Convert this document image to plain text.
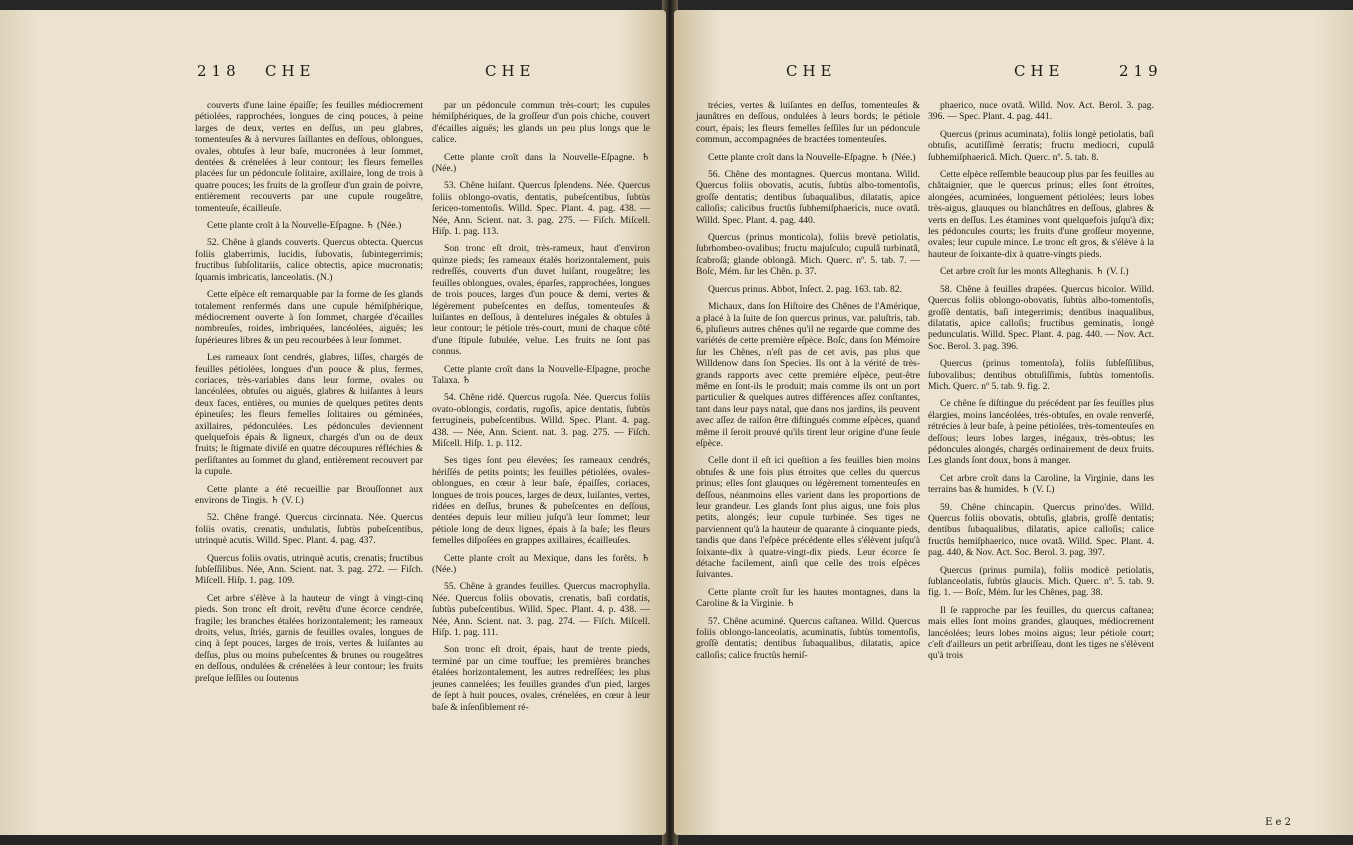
218 CHE	CHE

couverts d'une laine épaiſſe; ſes feuilles médiocrement pétiolées, rapprochées, longues de cinq pouces, à peine larges de deux, vertes en deſſus, un peu glabres, tomenteuſes & à nervures ſaillantes en deſſous, oblongues, ovales, obtuſes à leur baſe, mucronées à leur ſommet, dentées & crénelées à leur contour; les fleurs femelles placées ſur un pédoncule ſolitaire, axillaire, long de trois à quatre pouces; les fruits de la groſſeur d'un grain de poivre, entièrement recouverts par une cupule rougeâtre, tomenteuſe, écailleuſe.

Cette plante croît à la Nouvelle-Eſpagne. ♄ (Née.)

52. Chêne à glands couverts. Quercus obtecta. Quercus foliis glaberrimis, lucidis, ſubovatis, ſubintegerrimis; fructibus ſubſolitariis, calice obtectis, apice mucronatis; ſquamis imbricatis, lanceolatis. (N.)

Cette eſpèce eſt remarquable par la forme de ſes glands totalement renfermés dans une cupule hémiſphérique, médiocrement ouverte à ſon ſommet, chargée d'écailles nombreuſes, roides, imbriquées, lancéolées, aiguës; les ſupérieures libres & un peu recourbées à leur ſommet.

Les rameaux ſont cendrés, glabres, liſſes, chargés de feuilles pétiolées, longues d'un pouce & plus, fermes, coriaces, très-variables dans leur forme, ovales ou lancéolées, obtuſes ou aiguës, glabres & luiſantes à leurs deux faces, entières, ou munies de quelques petites dents épineuſes; les fleurs femelles ſolitaires ou géminées, axillaires, pédonculées. Les pédoncules deviennent quelquefois épais & ligneux, chargés d'un ou de deux fruits; le ſtigmate diviſé en quatre découpures réfléchies & perſiſtantes au ſommet du gland, entièrement recouvert par la cupule.

Cette plante a été recueillie par Brouſſonnet aux environs de Tingis. ♄ (V. ſ.)

52. Chêne frangé. Quercus circinnata. Née. Quercus foliis ovatis, crenatis, undulatis, ſubtùs pubeſcentibus, utrinquè acutis. Willd. Spec. Plant. 4. pag. 437.

Quercus foliis ovatis, utrinquè acutis, crenatis; fructibus ſubſeſſilibus. Née, Ann. Scient. nat. 3. pag. 272. — Fiſch. Miſcell. Hiſp. 1. pag. 109.

Cet arbre s'élève à la hauteur de vingt à vingt-cinq pieds. Son tronc eſt droit, revêtu d'une écorce cendrée, fragile; les branches étalées horizontalement; les rameaux droits, velus, ſtriés, garnis de feuilles ovales, longues de cinq à ſept pouces, larges de trois, vertes & luiſantes au deſſus, plus ou moins pubeſcentes & brunes ou rougeâtres en deſſous, ondulées & crénelées à leur contour; les fruits preſque ſeſſiles ou ſoutenus

par un pédoncule commun très-court; les cupules hémiſphériques, de la groſſeur d'un pois chiche, couvert d'écailles aiguës; les glands un peu plus longs que le calice.

Cette plante croît dans la Nouvelle-Eſpagne. ♄ (Née.)

53. Chêne luiſant. Quercus ſplendens. Née. Quercus foliis oblongo-ovatis, dentatis, pubeſcentibus, ſubtùs ſericeo-tomentoſis. Willd. Spec. Plant. 4. pag. 438. — Née, Ann. Scient. nat. 3. pag. 275. — Fiſch. Miſcell. Hiſp. 1. pag. 113.

Son tronc eſt droit, très-rameux, haut d'environ quinze pieds; ſes rameaux étalés horizontalement, puis redreſſés, couverts d'un duvet luiſant, rougeâtre; les feuilles oblongues, ovales, éparſes, rapprochées, longues de trois pouces, larges d'un pouce & demi, vertes & légèrement pubeſcentes en deſſus, tomenteuſes & luiſantes en deſſous, à dentelures inégales & obtuſes à leur contour; le pétiole très-court, muni de chaque côté d'une ſtipule ſubulée, velue. Les fruits ne ſont pas connus.

Cette plante croît dans la Nouvelle-Eſpagne, proche Talaxa. ♄

54. Chêne ridé. Quercus rugoſa. Née. Quercus foliis ovato-oblongis, cordatis, rugoſis, apice dentatis, ſubtùs ferrugineis, pubeſcentibus. Willd. Spec. Plant. 4. pag. 438. — Née, Ann. Scient. nat. 3. pag. 275. — Fiſch. Miſcell. Hiſp. 1. p. 112.

Ses tiges ſont peu élevées; ſes rameaux cendrés, hériſſés de petits points; les feuilles pétiolées, ovales-oblongues, en cœur à leur baſe, épaiſſes, coriaces, longues de trois pouces, larges de deux, luiſantes, vertes, ridées en deſſus, brunes & pubeſcentes en deſſous, dentées depuis leur milieu juſqu'à leur ſommet; leur pétiole long de deux lignes, épais à ſa baſe; les fleurs femelles diſpoſées en grappes axillaires, écailleuſes.

Cette plante croît au Mexique, dans les forêts. ♄ (Née.)

55. Chêne à grandes feuilles. Quercus macrophylla. Née. Quercus foliis obovatis, crenatis, baſi cordatis, ſubtùs pubeſcentibus. Willd. Spec. Plant. 4. p. 438. — Née, Ann. Scient. nat. 3. pag. 274. — Fiſch. Miſcell. Hiſp. 1. pag. 111.

Son tronc eſt droit, épais, haut de trente pieds, terminé par un cime touffue; les premières branches étalées horizontalement, les autres redreſſées; les plus jeunes cannelées; les feuilles grandes d'un pied, larges de ſept à huit pouces, ovales, crénelées, en cœur à leur baſe & inſenſiblement ré-

CHE	CHE	219

trécies, vertes & luiſantes en deſſus, tomenteuſes & jaunâtres en deſſous, ondulées à leurs bords; le pétiole court, épais; les fleurs femelles ſeſſiles ſur un pédoncule commun, accompagnées de bractées tomenteuſes.

Cette plante croît dans la Nouvelle-Eſpagne. ♄ (Née.)

56. Chêne des montagnes. Quercus montana. Willd. Quercus foliis obovatis, acutis, ſubtùs albo-tomentoſis, groſſe dentatis; dentibus ſubaqualibus, dilatatis, apice calloſis; calicibus fructûs ſubhemiſphaericis, nuce ovatâ. Willd. Spec. Plant. 4. pag. 440.

Quercus (prinus monticola), foliis brevè petiolatis, ſubrhombeo-ovalibus; fructu majuſculo; cupulâ turbinatâ, ſcabroſâ; glande oblongâ. Mich. Querc. nº. 5. tab. 7. — Boſc, Mém. ſur les Chên. p. 37.

Quercus prinus. Abbot, Inſect. 2. pag. 163. tab. 82.

Michaux, dans ſon Hiſtoire des Chênes de l'Amérique, a placé à la ſuite de ſon quercus prinus, var. paluſtris, tab. 6, pluſieurs autres chênes qu'il ne regarde que comme des variétés de cette première eſpèce. Boſc, dans ſon Mémoire ſur les Chênes, n'eſt pas de cet avis, pas plus que Willdenow dans ſon Species. Ils ont à la vérité de très-grands rapports avec cette première eſpèce, peut-être même en ſont-ils le produit; mais comme ils ont un port particulier & quelques autres différences aſſez conſtantes, tant dans leur pays natal, que dans nos jardins, ils peuvent avec aſſez de raiſon être diſtingués comme eſpèces, quand même il ſeroit prouvé qu'ils tirent leur origine d'une ſeule eſpèce.

Celle dont il eſt ici queſtion a ſes feuilles bien moins obtuſes & une fois plus étroites que celles du quercus prinus; elles ſont glauques ou légèrement tomenteuſes en deſſous, néanmoins elles varient dans les proportions de leur grandeur. Les glands ſont plus aigus, une fois plus petits, alongés; leur cupule turbinée. Ses tiges ne parviennent qu'à la hauteur de quarante à cinquante pieds, tandis que dans l'eſpèce précédente elles s'élèvent juſqu'à ſoixante-dix à quatre-vingt-dix pieds. Leur écorce ſe détache facilement, ainſi que celle des trois eſpèces ſuivantes.

Cette plante croît ſur les hautes montagnes, dans la Caroline & la Virginie. ♄

57. Chêne acuminé. Quercus caſtanea. Willd. Quercus foliis oblongo-lanceolatis, acuminatis, ſubtùs tomentoſis, groſſè dentatis; dentibus ſubaqualibus, dilatatis, apice calloſis; calice fructûs hemiſ-

phaerico, nuce ovatâ. Willd. Nov. Act. Berol. 3. pag. 396. — Spec. Plant. 4. pag. 441.

Quercus (prinus acuminata), foliis longè petiolatis, baſi obtuſis, acutiſſimè ſerratis; fructu mediocri, cupulâ ſubhemiſphaericâ. Mich. Querc. nº. 5. tab. 8.

Cette eſpèce reſſemble beaucoup plus par ſes feuilles au châtaignier, que le quercus prinus; elles ſont étroites, alongées, acuminées, longuement pétiolées; leurs lobes très-aigus, glauques ou blanchâtres en deſſous, glabres & verts en deſſus. Les étamines vont quelquefois juſqu'à dix; les pédoncules courts; les fruits d'une groſſeur moyenne, ovales; leur cupule mince. Le tronc eſt gros, & s'élève à la hauteur de ſoixante-dix à quatre-vingts pieds.

Cet arbre croît ſur les monts Alleghanis. ♄ (V. ſ.)

58. Chêne à feuilles drapées. Quercus bicolor. Willd. Quercus foliis oblongo-obovatis, ſubtùs albo-tomentoſis, groſſè dentatis, baſi integerrimis; dentibus inaqualibus, dilatatis, apice calloſis; fructibus geminatis, longè pedunculatis. Willd. Spec. Plant. 4. pag. 440. — Nov. Act. Soc. Berol. 3. pag. 396.

Quercus (prinus tomentoſa), foliis ſubſeſſilibus, ſubovalibus; dentibus obtuſiſſimis, ſubtùs tomentoſis. Mich. Querc. nº 5. tab. 9. fig. 2.

Ce chêne ſe diſtingue du précédent par ſes feuilles plus élargies, moins lancéolées, très-obtuſes, en ovale renverſé, rétrécies à leur baſe, à peine pétiolées, très-tomenteuſes en deſſous; leurs lobes larges, inégaux, très-obtus; les pédoncules alongés, chargés ordinairement de deux fruits. Les glands ſont doux, bons à manger.

Cet arbre croît dans la Caroline, la Virginie, dans les terrains bas & humides. ♄ (V. ſ.)

59. Chêne chincapin. Quercus prino'des. Willd. Quercus foliis obovatis, obtuſis, glabris, groſſè dentatis; dentibus ſubaqualibus, dilatatis, apice calloſis; calice fructûs hemiſphaerico, nuce ovatâ. Willd. Spec. Plant. 4. pag. 440, & Nov. Act. Soc. Berol. 3. pag. 397.

Quercus (prinus pumila), foliis modicè petiolatis, ſublanceolatis, ſubtùs glaucis. Mich. Querc. nº. 5. tab. 9. fig. 1. — Boſc, Mém. ſur les Chênes, pag. 38.

Il ſe rapproche par ſes feuilles, du quercus caſtanea; mais elles ſont moins grandes, glauques, médiocrement lancéolées; leurs lobes moins aigus; leur pétiole court; c'eſt d'ailleurs un petit arbriſſeau, dont les tiges ne s'élèvent qu'à trois

E e 2
